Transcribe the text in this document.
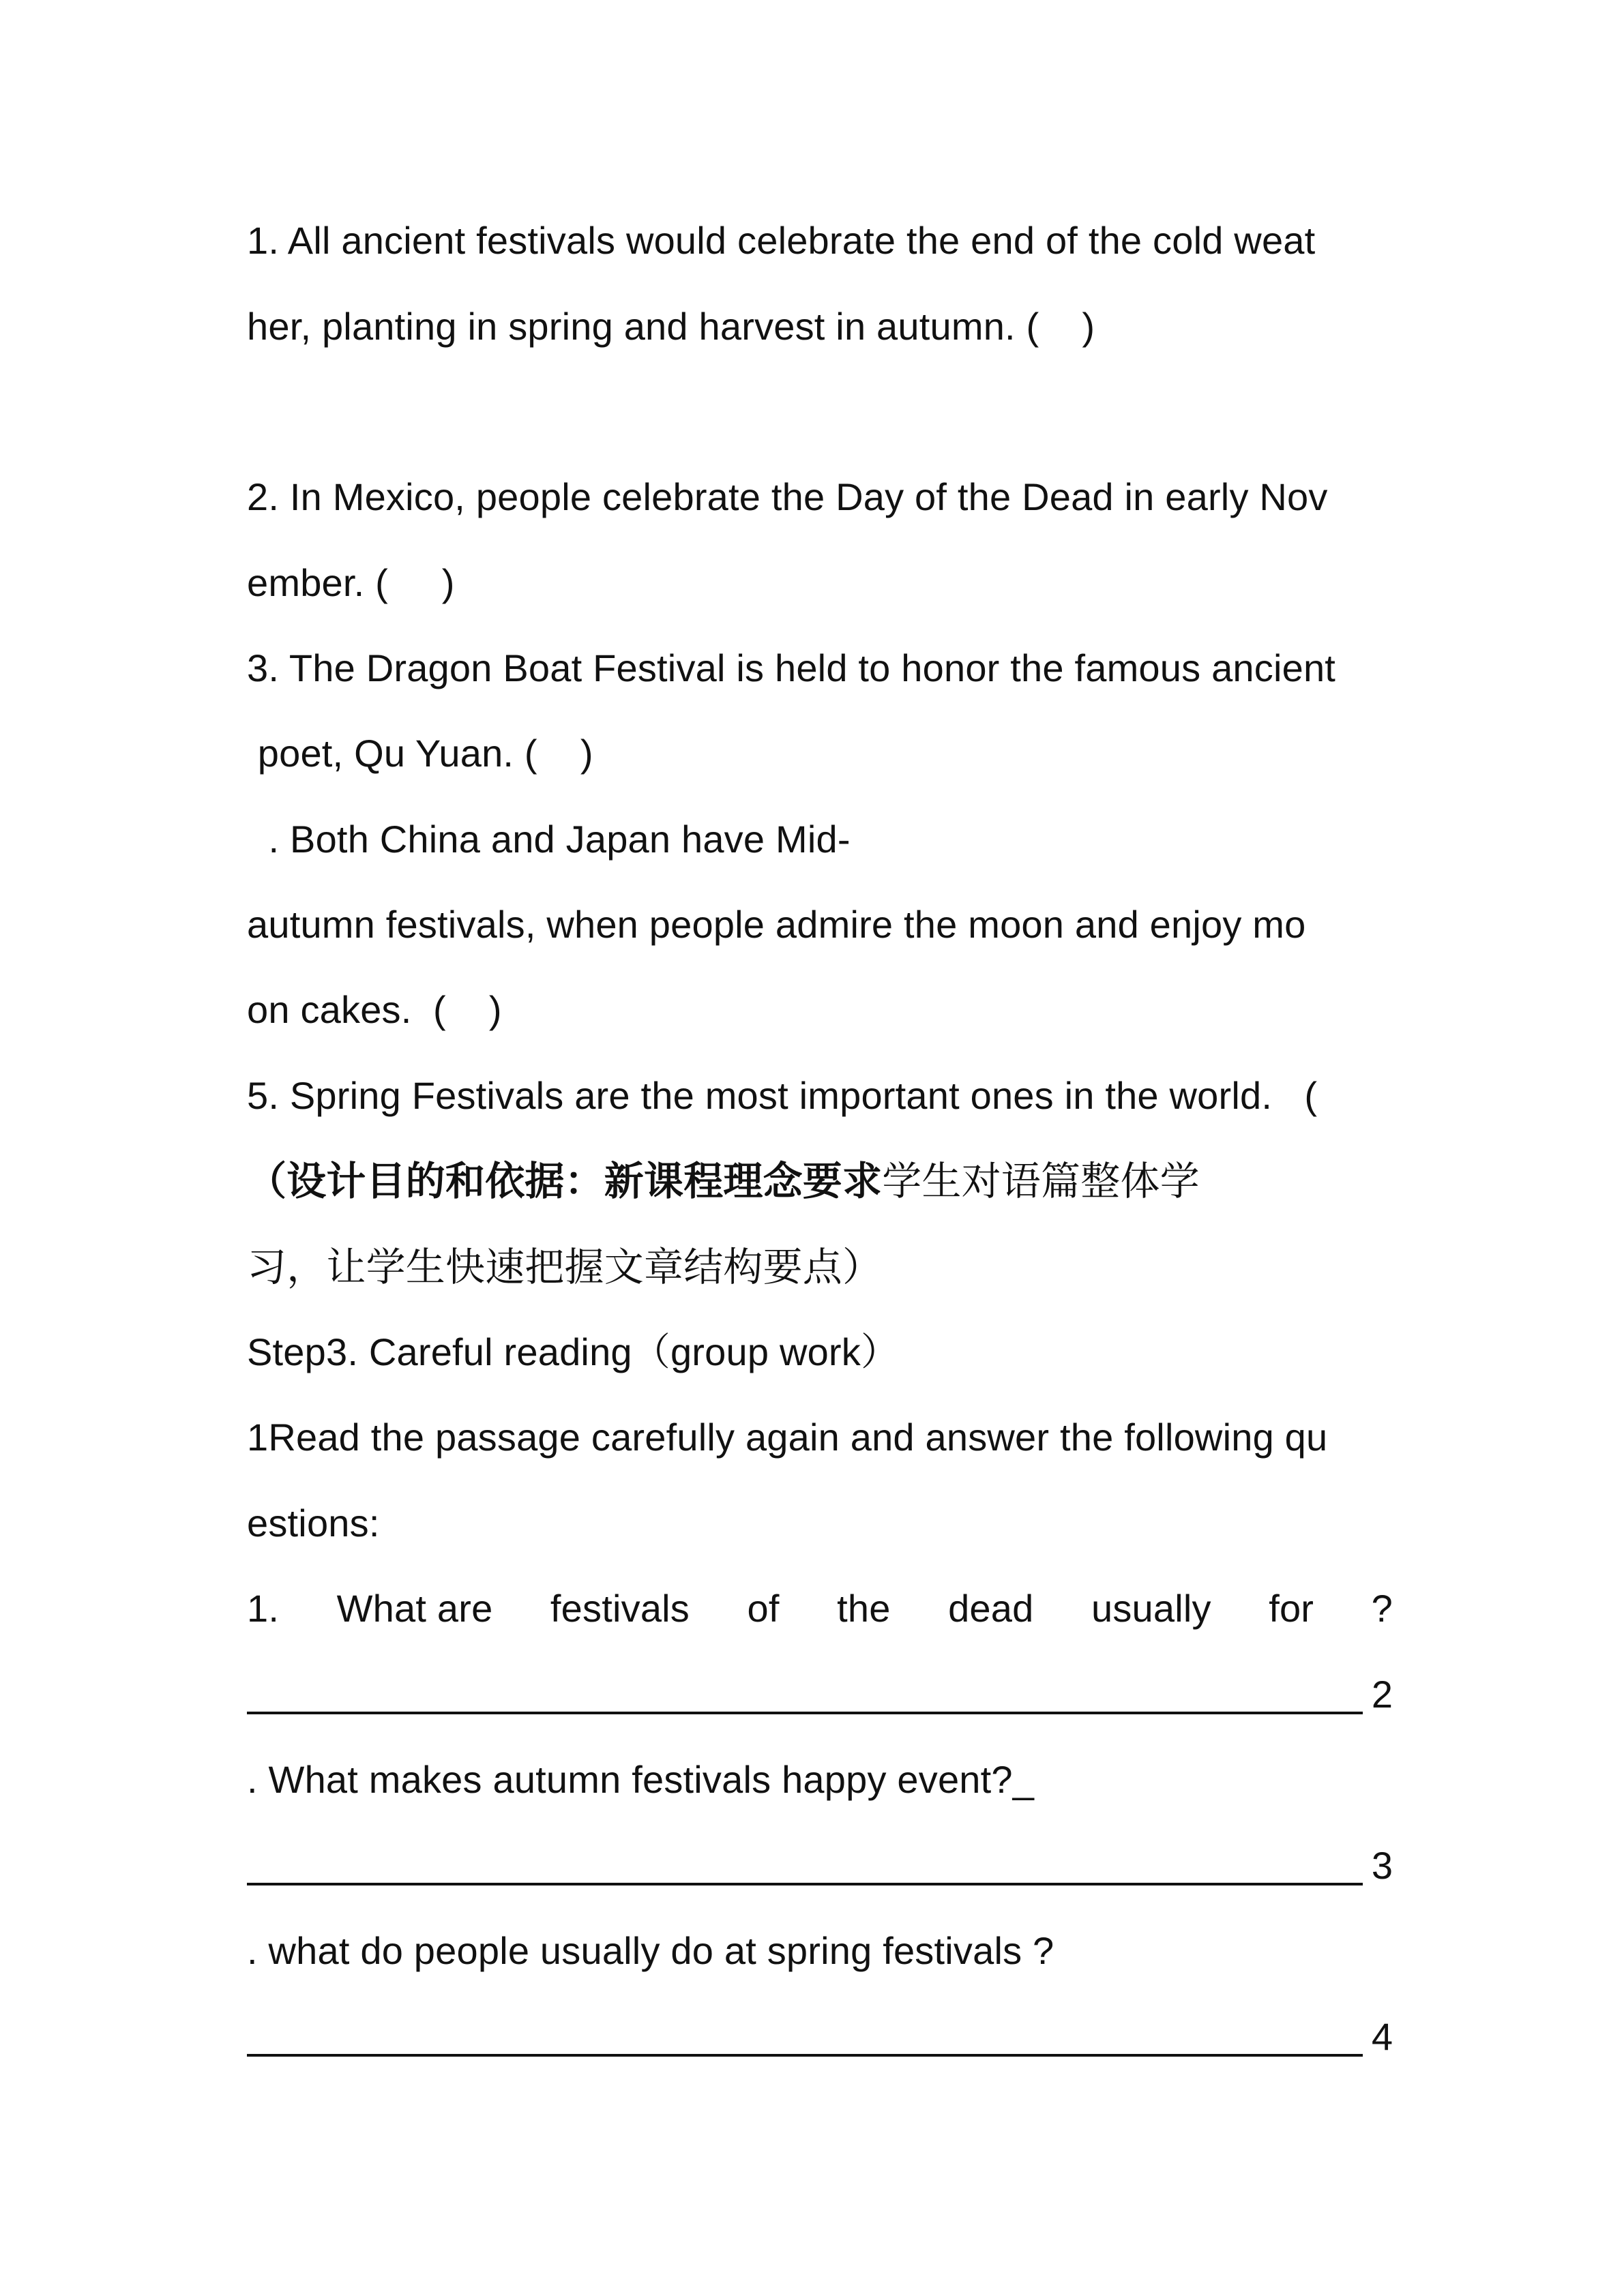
1. All ancient festivals would celebrate the end of the cold weat
her, planting in spring and harvest in autumn. (    )
2. In Mexico, people celebrate the Day of the Dead in early Nov
ember. (     )
3. The Dragon Boat Festival is held to honor the famous ancient
poet, Qu Yuan. (    )
. Both China and Japan have Mid-
autumn festivals, when people admire the moon and enjoy mo
on cakes.  (    )
5. Spring Festivals are the most important ones in the world.   (
（设计目的和依据：新课程理念要求学生对语篇整体学
习，让学生快速把握文章结构要点）
Step3. Careful reading（group work）
1Read the passage carefully again and answer the following qu
estions:
1. What are festivals of the dead usually for ?
2
. What makes autumn festivals happy event?_
3
. what do people usually do at spring festivals ?
4
